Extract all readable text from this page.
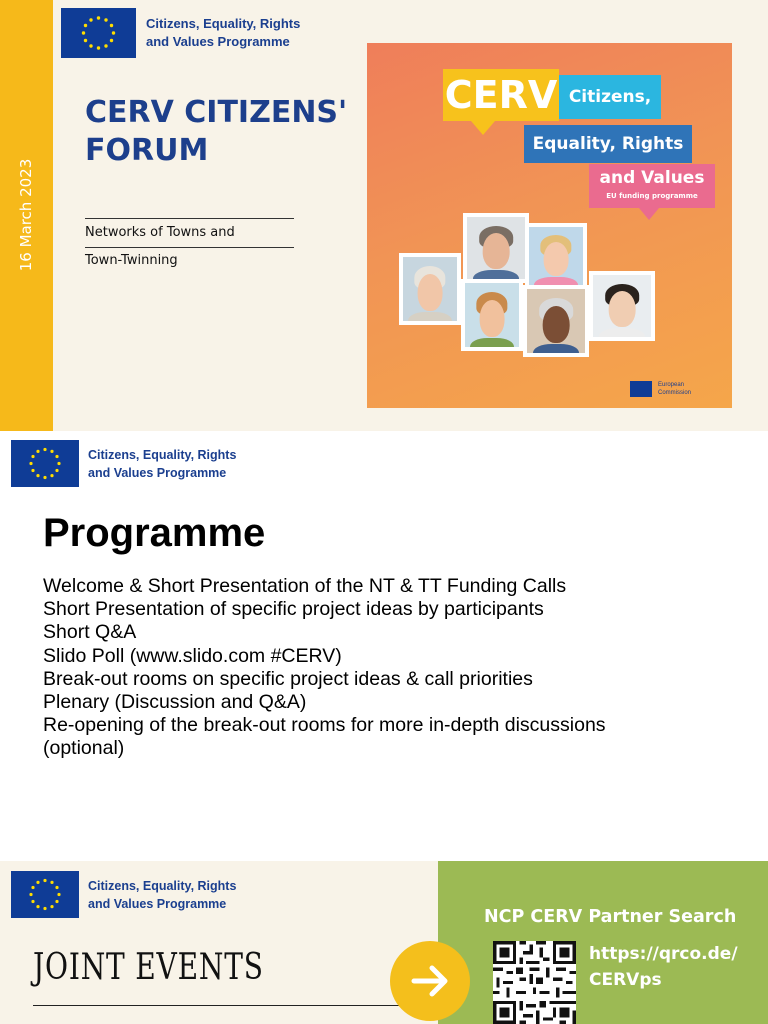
16 March 2023
Citizens, Equality, Rights
and Values Programme
CERV CITIZENS'
FORUM
Networks of Towns and
Town-Twinning
CERV Citizens,
Equality, Rights
and Values
EU funding programme
European
Commission
Citizens, Equality, Rights
and Values Programme
Programme
Welcome & Short Presentation of the NT & TT Funding Calls
Short Presentation of specific project ideas by participants
Short Q&A
Slido Poll (www.slido.com #CERV)
Break-out rooms on specific project ideas & call priorities
Plenary (Discussion and Q&A)
Re-opening of the break-out rooms for more in-depth discussions
(optional)
Citizens, Equality, Rights
and Values Programme
JOINT EVENTS
NCP CERV Partner Search
https://qrco.de/
CERVps
